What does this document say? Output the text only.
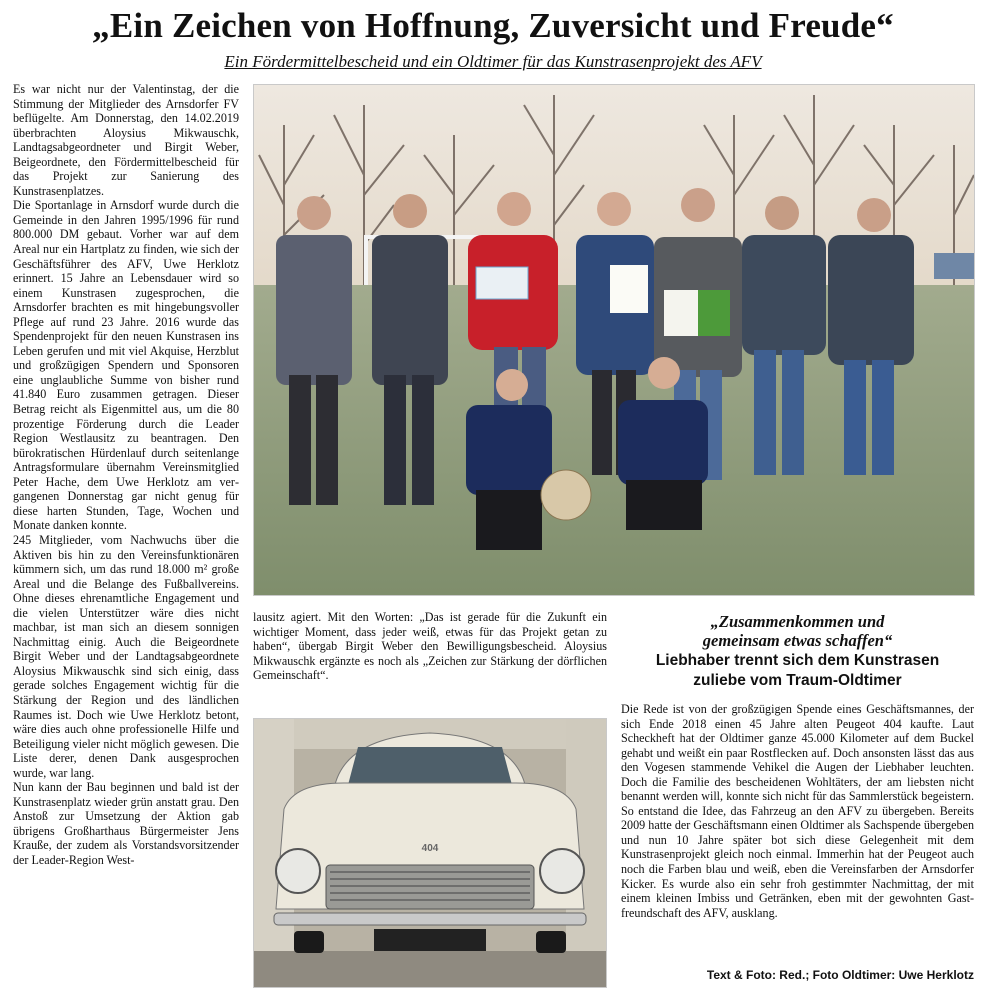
„Ein Zeichen von Hoffnung, Zuversicht und Freude“
Ein Fördermittelbescheid und ein Oldtimer für das Kunstrasenprojekt des AFV

Es war nicht nur der Valentinstag, der die Stimmung der Mitglieder des Arnsdorfer FV beflügelte. Am Donnerstag, den 14.02.2019 überbrachten Aloysius Mikwauschk, Landtagsabgeordneter und Birgit Weber, Beigeordnete, den Fördermittelbescheid für das Projekt zur Sanierung des Kunstrasenplatzes.

Die Sportanlage in Arnsdorf wurde durch die Gemeinde in den Jahren 1995/1996 für rund 800.000 DM gebaut. Vorher war auf dem Areal nur ein Hartplatz zu finden, wie sich der Geschäftsführer des AFV, Uwe Herklotz erinnert. 15 Jahre an Lebensdauer wird so einem Kunstrasen zugesprochen, die Arnsdorfer brachten es mit hingebungsvoller Pflege auf rund 23 Jahre. 2016 wurde das Spendenprojekt für den neuen Kunstrasen ins Leben gerufen und mit viel Akquise, Herzblut und großzügigen Spendern und Sponsoren eine unglaubliche Summe von bisher rund 41.840 Euro zusammen getragen. Dieser Betrag reicht als Eigenmittel aus, um die 80 prozentige Förderung durch die Leader Region Westlausitz zu beantragen. Den bürokratischen Hürdenlauf durch seitenlange Antragsformulare übernahm Vereinsmitglied Peter Hache, dem Uwe Herklotz am vergangenen Donnerstag gar nicht genug für diese harten Stunden, Tage, Wochen und Monate danken konnte.

245 Mitglieder, vom Nachwuchs über die Aktiven bis hin zu den Vereinsfunktionären kümmern sich, um das rund 18.000 m² große Areal und die Belange des Fußballvereins. Ohne dieses ehrenamtliche Engagement und die vielen Unterstützer wäre dies nicht machbar, ist man sich an diesem sonnigen Nachmittag einig. Auch die Beigeordnete Birgit Weber und der Landtagsabgeordnete Aloysius Mikwauschk sind sich einig, dass gerade solches Engagement wichtig für die Stärkung der Region und des ländlichen Raumes ist. Doch wie Uwe Herklotz betont, wäre dies auch ohne professionelle Hilfe und Beteiligung vieler nicht möglich gewesen. Die Liste derer, denen Dank ausgesprochen wurde, war lang.

Nun kann der Bau beginnen und bald ist der Kunstrasenplatz wieder grün anstatt grau. Den Anstoß zur Umsetzung der Aktion gab übrigens Großharthaus Bürgermeister Jens Kraußе, der zudem als Vorstandsvorsitzender der Leader-Region West-

lausitz agiert. Mit den Worten: „Das ist gerade für die Zukunft ein wichtiger Moment, dass jeder weiß, etwas für das Projekt getan zu haben“, übergab Birgit Weber den Bewilligungsbescheid. Aloysius Mikwauschk ergänzte es noch als „Zeichen zur Stärkung der dörflichen Gemeinschaft“.

404
„Zusammenkommen und
gemeinsam etwas schaffen“
Liebhaber trennt sich dem Kunstrasen
zuliebe vom Traum-Oldtimer

Die Rede ist von der großzügigen Spende eines Geschäftsmannes, der sich Ende 2018 einen 45 Jahre alten Peugeot 404 kaufte. Laut Scheckheft hat der Oldtimer ganze 45.000 Kilometer auf dem Buckel gehabt und weißt ein paar Rostflecken auf. Doch ansonsten lässt das aus den Vogesen stammende Vehikel die Augen der Liebhaber leuchten. Doch die Familie des bescheidenen Wohltäters, der am liebsten nicht benannt werden will, konnte sich nicht für das Sammlerstück begeistern. So entstand die Idee, das Fahrzeug an den AFV zu übergeben. Bereits 2009 hatte der Geschäftsmann einen Oldtimer als Sachspende übergeben und nun 10 Jahre später bot sich diese Gelegenheit mit dem Kunstrasenprojekt gleich noch einmal. Immerhin hat der Peugeot auch noch die Farben blau und weiß, eben die Vereinsfarben der Arnsdorfer Kicker. Es wurde also ein sehr froh gestimmter Nachmittag, der mit einem kleinen Imbiss und Getränken, eben mit der gewohnten Gastfreundschaft des AFV, ausklang.

Text & Foto: Red.; Foto Oldtimer: Uwe Herklotz
